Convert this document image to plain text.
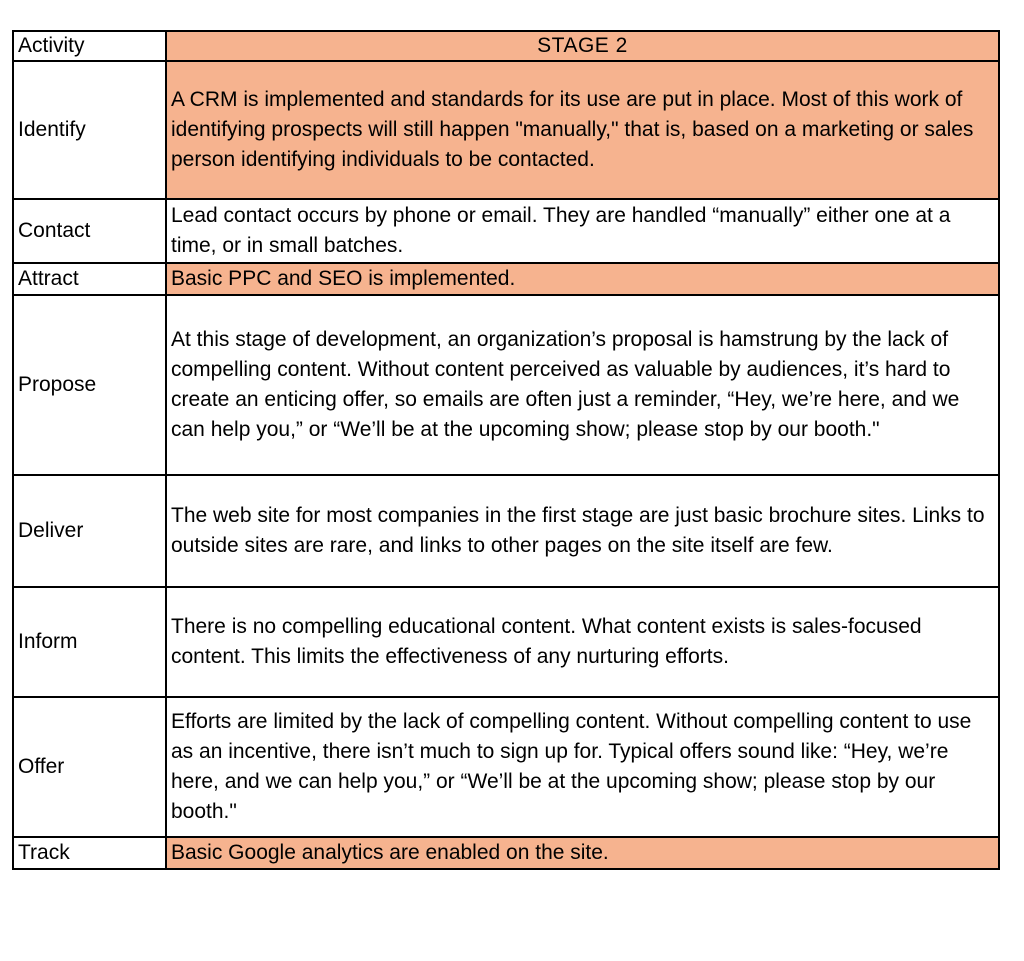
Activity	STAGE 2
Identify	A CRM is implemented and standards for its use are put in place. Most of this work of identifying prospects will still happen "manually," that is, based on a marketing or sales person identifying individuals to be contacted.
Contact	Lead contact occurs by phone or email. They are handled “manually” either one at a time, or in small batches.
Attract	Basic PPC and SEO is implemented.
Propose	At this stage of development, an organization’s proposal is hamstrung by the lack of compelling content. Without content perceived as valuable by audiences, it’s hard to create an enticing offer, so emails are often just a reminder, “Hey, we’re here, and we can help you,” or “We’ll be at the upcoming show; please stop by our booth."
Deliver	The web site for most companies in the first stage are just basic brochure sites. Links to outside sites are rare, and links to other pages on the site itself are few.
Inform	There is no compelling educational content. What content exists is sales-focused content. This limits the effectiveness of any nurturing efforts.
Offer	Efforts are limited by the lack of compelling content. Without compelling content to use as an incentive, there isn’t much to sign up for. Typical offers sound like: “Hey, we’re here, and we can help you,” or “We’ll be at the upcoming show; please stop by our booth."
Track	Basic Google analytics are enabled on the site.
